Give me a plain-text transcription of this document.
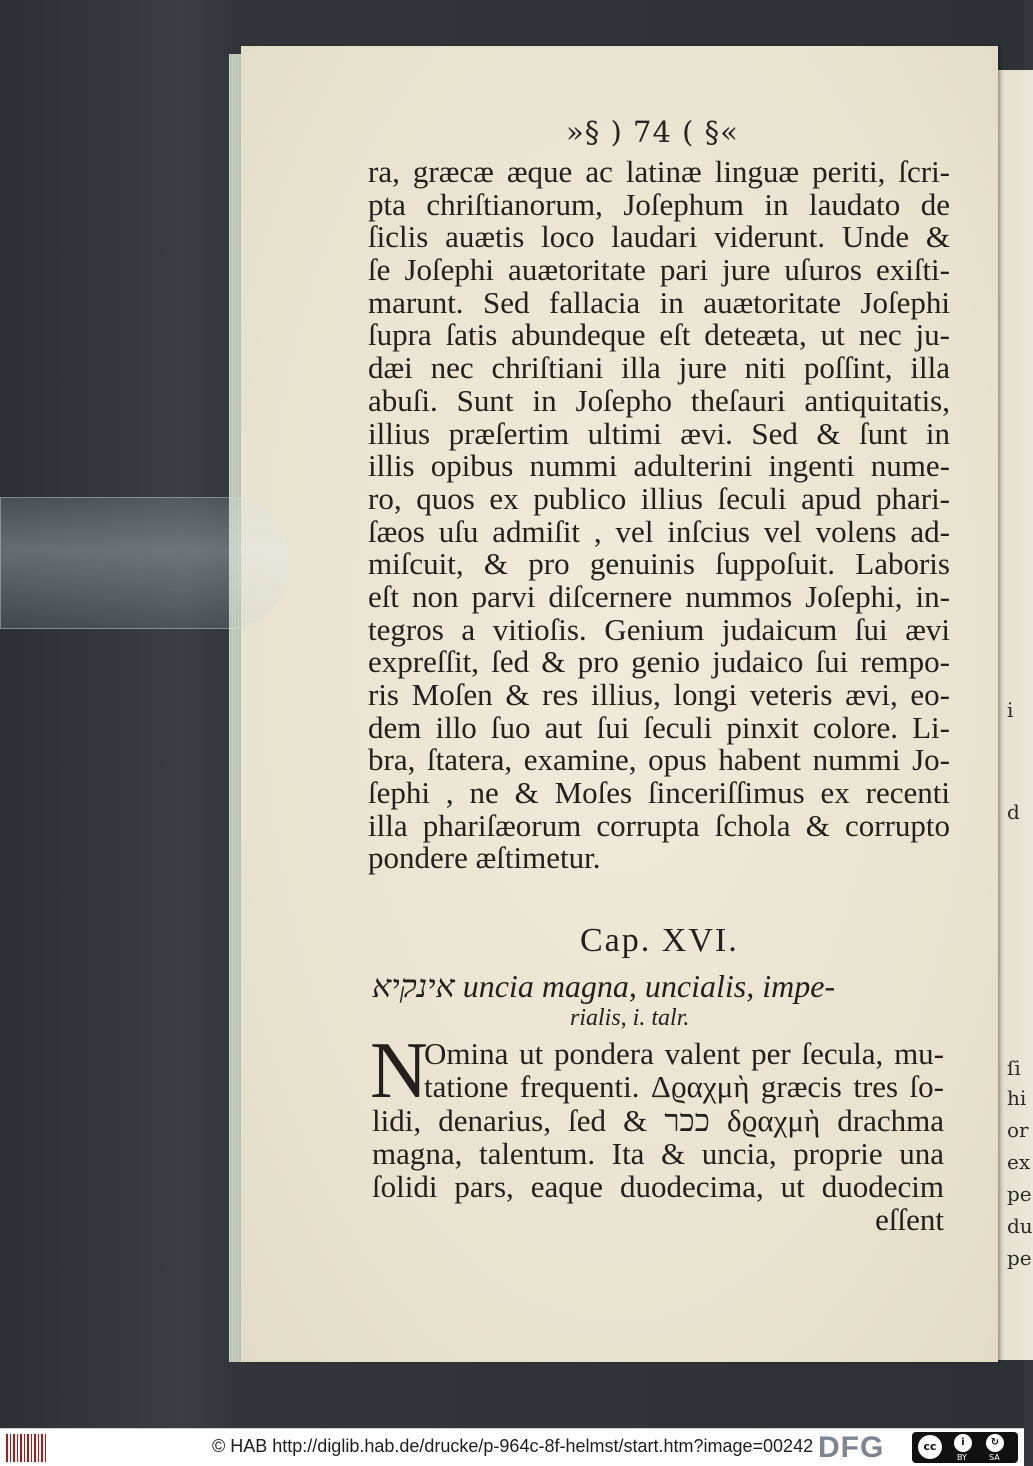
i
d
ſi
hi
or
ex
pe
du
pe
»§ ) 74 ( §«
ra, græcæ æque ac latinæ linguæ periti, ſcri-
pta chriſtianorum, Joſephum in laudato de
ſiclis auætis loco laudari viderunt. Unde &
ſe Joſephi auætoritate pari jure uſuros exiſti-
marunt. Sed fallacia in auætoritate Joſephi
ſupra ſatis abundeque eſt deteæta, ut nec ju-
dæi nec chriſtiani illa jure niti poſſint, illa
abuſi. Sunt in Joſepho theſauri antiquitatis,
illius præſertim ultimi ævi. Sed & ſunt in
illis opibus nummi adulterini ingenti nume-
ro, quos ex publico illius ſeculi apud phari-
ſæos uſu admiſit , vel inſcius vel volens ad-
miſcuit, & pro genuinis ſuppoſuit. Laboris
eſt non parvi diſcernere nummos Joſephi, in-
tegros a vitioſis. Genium judaicum ſui ævi
expreſſit, ſed & pro genio judaico ſui rempo-
ris Moſen & res illius, longi veteris ævi, eo-
dem illo ſuo aut ſui ſeculi pinxit colore. Li-
bra, ſtatera, examine, opus habent nummi Jo-
ſephi , ne & Moſes ſinceriſſimus ex recenti
illa phariſæorum corrupta ſchola & corrupto
pondere æſtimetur.
Cap. XVI.
אינקיא uncia magna, uncialis, impe-
rialis, i. talr.
N
Omina ut pondera valent per ſecula, mu-
tatione frequenti. Δϱαχμὴ græcis tres ſo-
lidi, denarius, ſed & ככר δϱαχμὴ drachma
magna, talentum. Ita & uncia, proprie una
ſolidi pars, eaque duodecima, ut duodecim
eſſent
© HAB http://diglib.hab.de/drucke/p-964c-8f-helmst/start.htm?image=00242 DFG	cc	i	↻
BY	SA
